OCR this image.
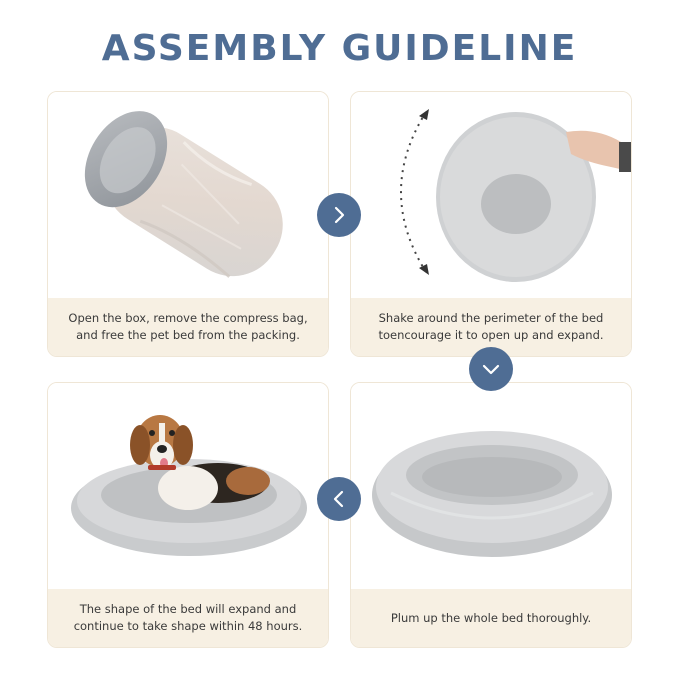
ASSEMBLY GUIDELINE
Open the box, remove the compress bag,
and free the pet bed from the packing.
Shake around the perimeter of the bed
toencourage it to open up and expand.
The shape of the bed will expand and
continue to take shape within 48 hours.
Plum up the whole bed thoroughly.
